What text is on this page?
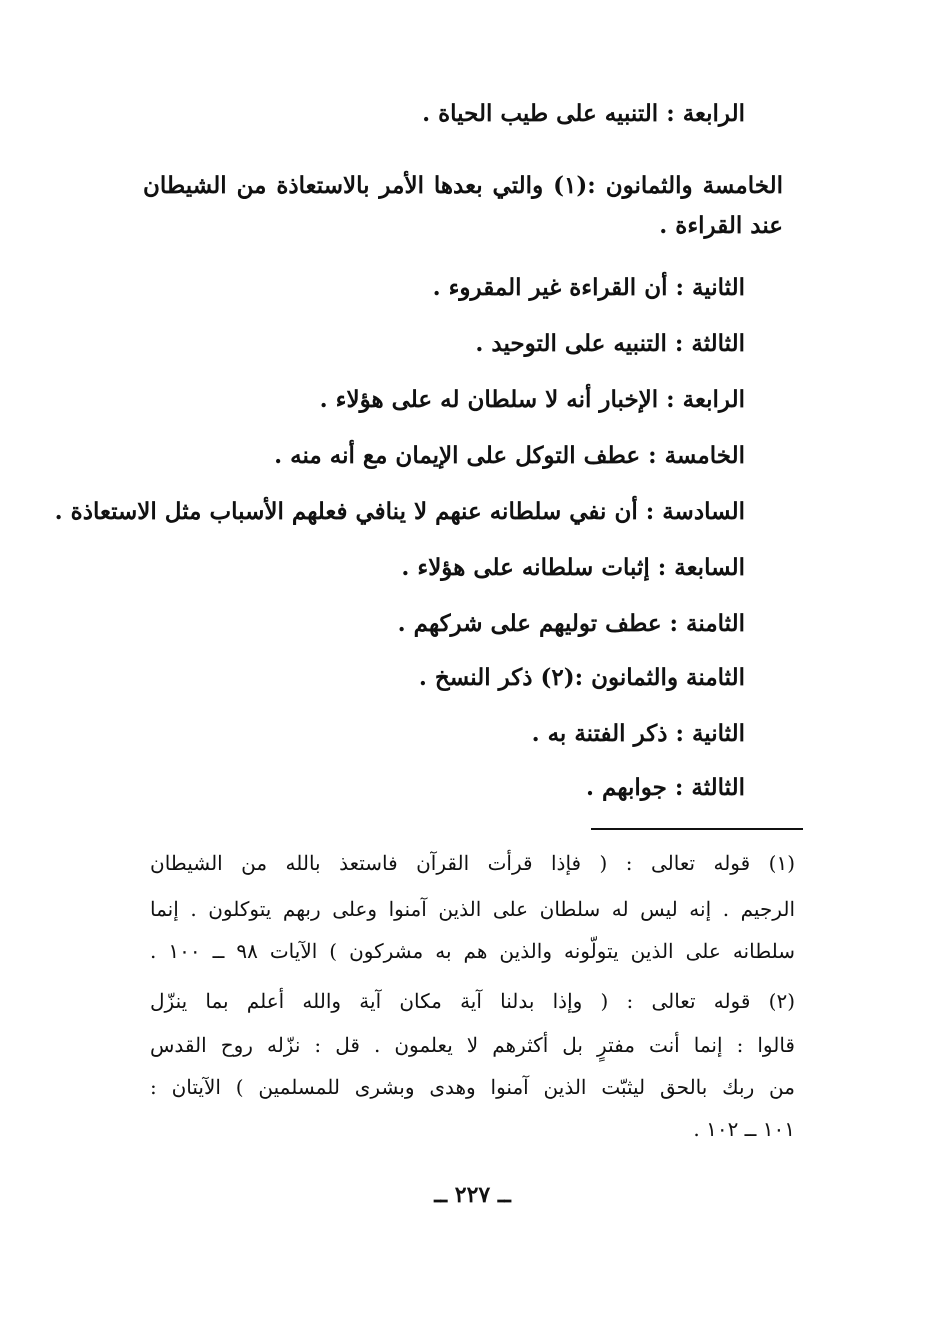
الرابعة : التنبيه على طيب الحياة .
الخامسة والثمانون :(١) والتي بعدها الأمر بالاستعاذة من الشيطان
عند القراءة .
الثانية : أن القراءة غير المقروء .
الثالثة : التنبيه على التوحيد .
الرابعة : الإخبار أنه لا سلطان له على هؤلاء .
الخامسة : عطف التوكل على الإيمان مع أنه منه .
السادسة : أن نفي سلطانه عنهم لا ينافي فعلهم الأسباب مثل الاستعاذة .
السابعة : إثبات سلطانه على هؤلاء .
الثامنة : عطف توليهم على شركهم .
الثامنة والثمانون :(٢) ذكر النسخ .
الثانية : ذكر الفتنة به .
الثالثة : جوابهم .
(١) قوله تعالى : ( فإذا قرأت القرآن فاستعذ بالله من الشيطان
الرجيم . إنه ليس له سلطان على الذين آمنوا وعلى ربهم يتوكلون . إنما
سلطانه على الذين يتولّونه والذين هم به مشركون ) الآيات ٩٨ ــ ١٠٠ .
(٢) قوله تعالى : ( وإذا بدلنا آية مكان آية والله أعلم بما ينزّل
قالوا : إنما أنت مفترٍ بل أكثرهم لا يعلمون . قل : نزّله روح القدس
من ربك بالحق ليثبّت الذين آمنوا وهدى وبشرى للمسلمين ) الآيتان :
١٠١ ــ ١٠٢ .
ــ ٢٢٧ ــ
